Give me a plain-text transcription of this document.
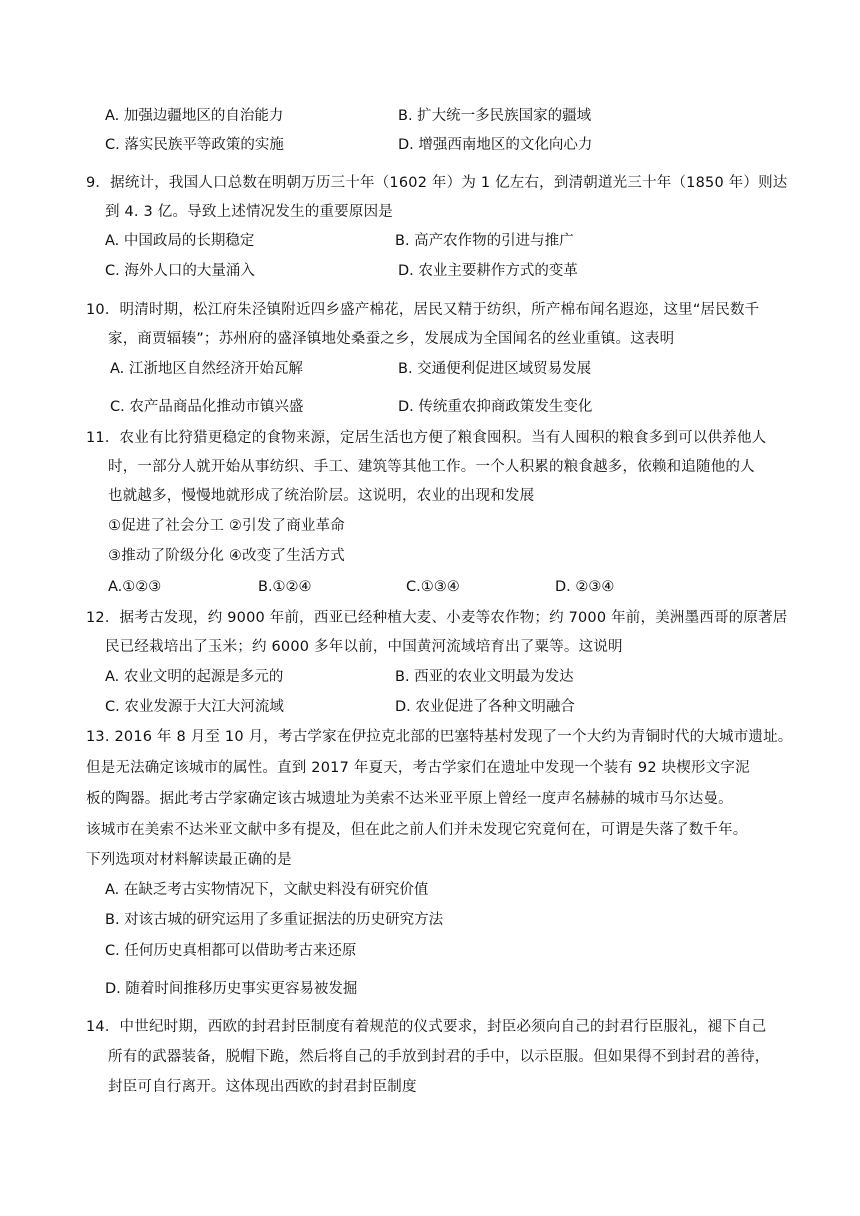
A. 加强边疆地区的自治能力	B. 扩大统一多民族国家的疆域
C. 落实民族平等政策的实施	D. 增强西南地区的文化向心力
9．据统计，我国人口总数在明朝万历三十年（1602 年）为 1 亿左右，到清朝道光三十年（1850 年）则达
到 4. 3 亿。导致上述情况发生的重要原因是
A. 中国政局的长期稳定	B. 高产农作物的引进与推广
C. 海外人口的大量涌入	D. 农业主要耕作方式的变革
10．明清时期，松江府朱泾镇附近四乡盛产棉花，居民又精于纺织，所产棉布闻名遐迩，这里“居民数千
家，商贾辐辏”；苏州府的盛泽镇地处桑蚕之乡，发展成为全国闻名的丝业重镇。这表明
A. 江浙地区自然经济开始瓦解	B. 交通便利促进区域贸易发展
C. 农产品商品化推动市镇兴盛	D. 传统重农抑商政策发生变化
11．农业有比狩猎更稳定的食物来源，定居生活也方便了粮食囤积。当有人囤积的粮食多到可以供养他人
时，一部分人就开始从事纺织、手工、建筑等其他工作。一个人积累的粮食越多，依赖和追随他的人
也就越多，慢慢地就形成了统治阶层。这说明，农业的出现和发展
①促进了社会分工 ②引发了商业革命
③推动了阶级分化 ④改变了生活方式
A.①②③	B.①②④	C.①③④	D. ②③④
12．据考古发现，约 9000 年前，西亚已经种植大麦、小麦等农作物；约 7000 年前，美洲墨西哥的原著居
民已经栽培出了玉米；约 6000 多年以前，中国黄河流域培育出了粟等。这说明
A. 农业文明的起源是多元的	B. 西亚的农业文明最为发达
C. 农业发源于大江大河流域	D. 农业促进了各种文明融合
13. 2016 年 8 月至 10 月，考古学家在伊拉克北部的巴塞特基村发现了一个大约为青铜时代的大城市遗址。
但是无法确定该城市的属性。直到 2017 年夏天，考古学家们在遗址中发现一个装有 92 块楔形文字泥
板的陶器。据此考古学家确定该古城遗址为美索不达米亚平原上曾经一度声名赫赫的城市马尔达曼。
该城市在美索不达米亚文献中多有提及，但在此之前人们并未发现它究竟何在，可谓是失落了数千年。
下列选项对材料解读最正确的是
A. 在缺乏考古实物情况下，文献史料没有研究价值
B. 对该古城的研究运用了多重证据法的历史研究方法
C. 任何历史真相都可以借助考古来还原
D. 随着时间推移历史事实更容易被发掘
14．中世纪时期，西欧的封君封臣制度有着规范的仪式要求，封臣必须向自己的封君行臣服礼，褪下自己
所有的武器装备，脱帽下跪，然后将自己的手放到封君的手中，以示臣服。但如果得不到封君的善待，
封臣可自行离开。这体现出西欧的封君封臣制度
